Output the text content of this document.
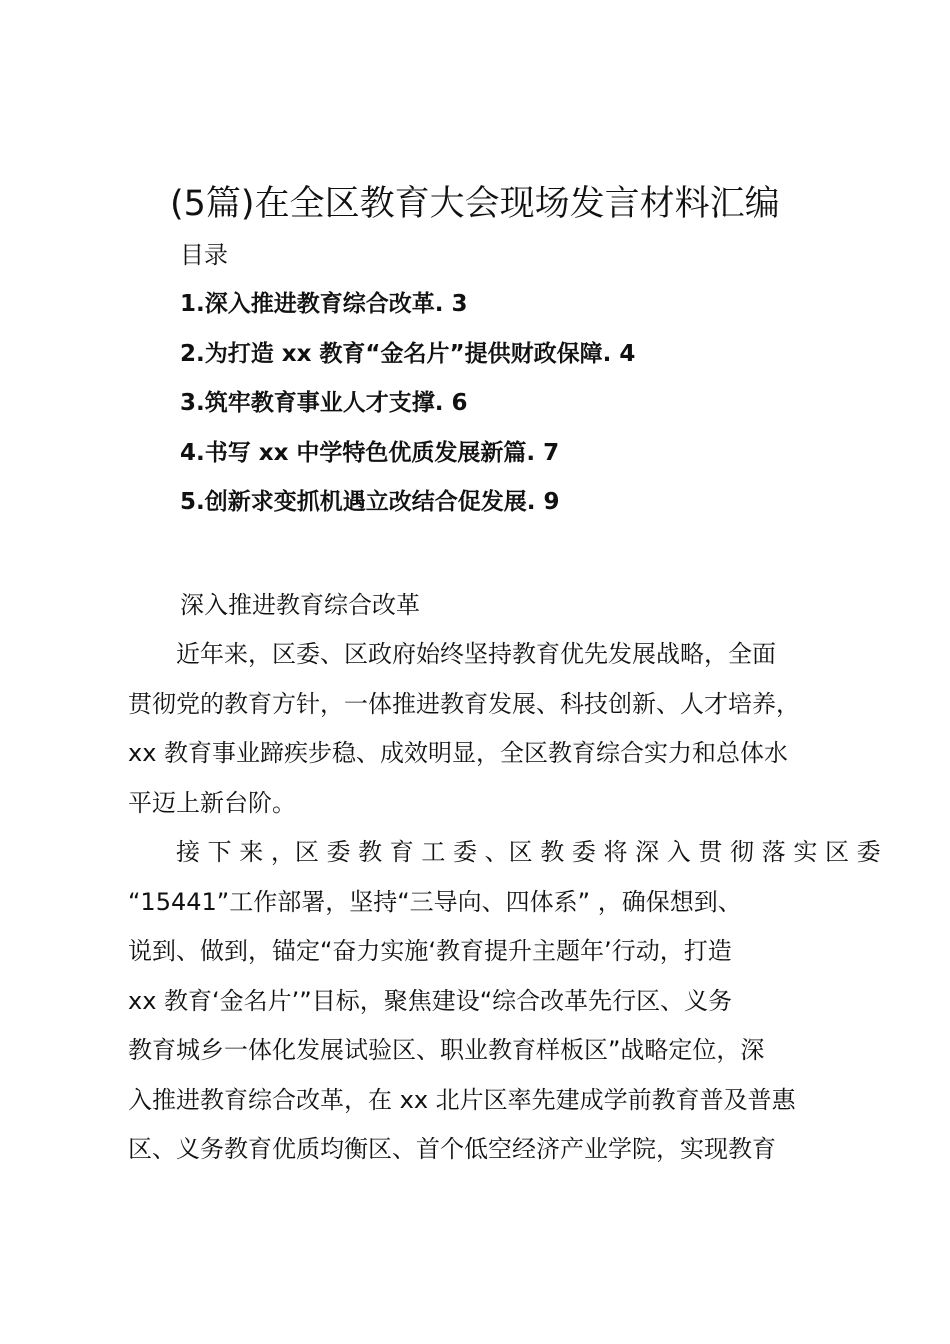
(5篇)在全区教育大会现场发言材料汇编
目录
1.深入推进教育综合改革. 3
2.为打造 xx 教育“金名片”提供财政保障. 4
3.筑牢教育事业人才支撑. 6
4.书写 xx 中学特色优质发展新篇. 7
5.创新求变抓机遇立改结合促发展. 9
深入推进教育综合改革

　　近年来，区委、区政府始终坚持教育优先发展战略，全面
贯彻党的教育方针，一体推进教育发展、科技创新、人才培养，
xx 教育事业蹄疾步稳、成效明显，全区教育综合实力和总体水
平迈上新台阶。

　　接 下 来 ，区 委 教 育 工 委 、区 教 委 将 深 入 贯 彻 落 实 区 委
“15441”工作部署，坚持“三导向、四体系” ，确保想到、
说到、做到，锚定“奋力实施‘教育提升主题年’行动，打造
xx 教育‘金名片’”目标，聚焦建设“综合改革先行区、义务
教育城乡一体化发展试验区、职业教育样板区”战略定位，深
入推进教育综合改革，在 xx 北片区率先建成学前教育普及普惠
区、义务教育优质均衡区、首个低空经济产业学院，实现教育
